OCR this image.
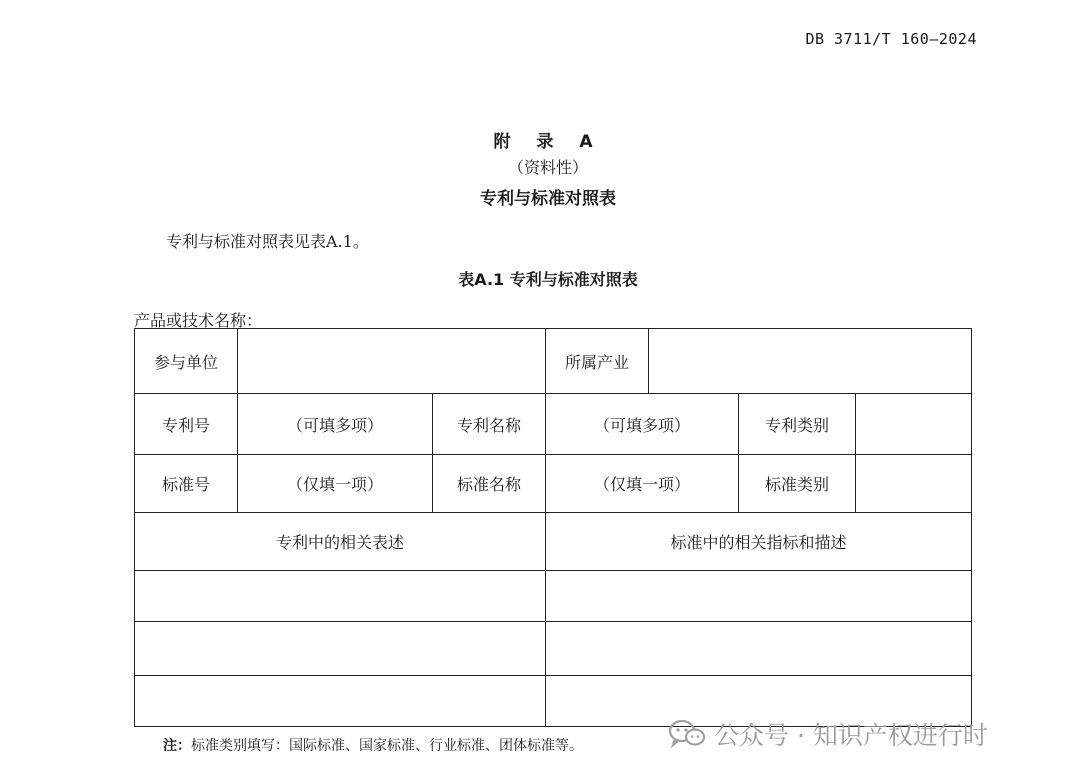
DB 3711/T 160—2024
附 录 A
（资料性）
专利与标准对照表
专利与标准对照表见表A.1。
表A.1 专利与标准对照表
产品或技术名称：
参与单位			所属产业			
专利号	（可填多项）	专利名称	（可填多项）		专利类别	
标准号	（仅填一项）	标准名称	（仅填一项）		标准类别	
专利中的相关表述			标准中的相关指标和描述			

注：标准类别填写：国际标准、国家标准、行业标准、团体标准等。	公众号 · 知识产权进行时
